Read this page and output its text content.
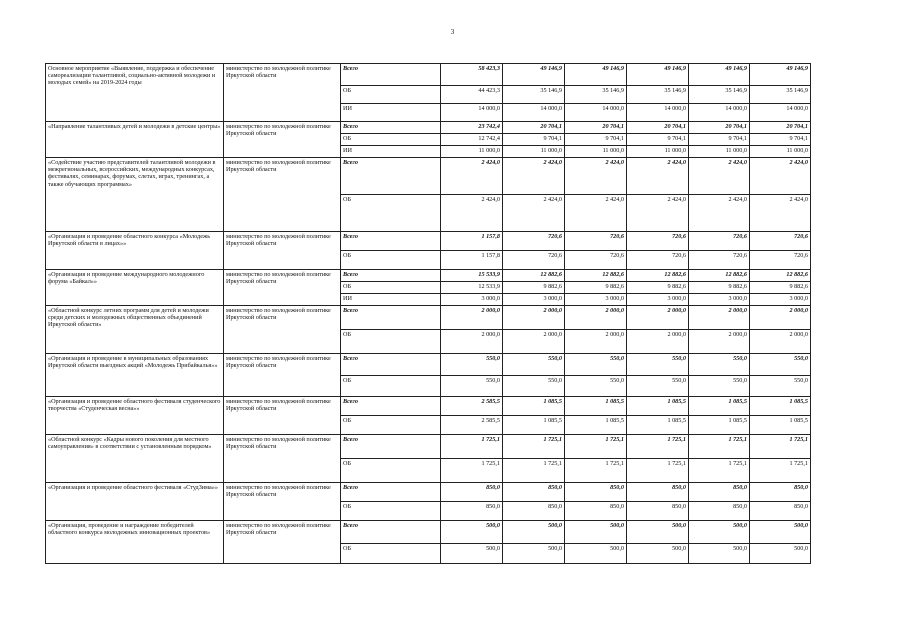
3
Основное мероприятие «Выявление, поддержка и обеспечение самореализации талантливой, социально-активной молодежи и молодых семей» на 2019-2024 годы	министерство по молодежной политике Иркутской области	Всего	58 423,3	49 146,9	49 146,9	49 146,9	49 146,9	49 146,9
		ОБ	44 423,3	35 146,9	35 146,9	35 146,9	35 146,9	35 146,9
		ИИ	14 000,0	14 000,0	14 000,0	14 000,0	14 000,0	14 000,0
«Направление талантливых детей и молодежи в детские центры»	министерство по молодежной политике Иркутской области	Всего	23 742,4	20 704,1	20 704,1	20 704,1	20 704,1	20 704,1
		ОБ	12 742,4	9 704,1	9 704,1	9 704,1	9 704,1	9 704,1
		ИИ	11 000,0	11 000,0	11 000,0	11 000,0	11 000,0	11 000,0
«Содействие участию представителей талантливой молодежи в межрегиональных, всероссийских, международных конкурсах, фестивалях, семинарах, форумах, слетах, играх, тренингах, а также обучающих программах»	министерство по молодежной политике Иркутской области	Всего	2 424,0	2 424,0	2 424,0	2 424,0	2 424,0	2 424,0
		ОБ	2 424,0	2 424,0	2 424,0	2 424,0	2 424,0	2 424,0
«Организация и проведение областного конкурса «Молодежь Иркутской области в лицах»»	министерство по молодежной политике Иркутской области	Всего	1 157,8	720,6	720,6	720,6	720,6	720,6
		ОБ	1 157,8	720,6	720,6	720,6	720,6	720,6
«Организация и проведение международного молодежного форума «Байкал»»	министерство по молодежной политике Иркутской области	Всего	15 533,9	12 882,6	12 882,6	12 882,6	12 882,6	12 882,6
		ОБ	12 533,9	9 882,6	9 882,6	9 882,6	9 882,6	9 882,6
		ИИ	3 000,0	3 000,0	3 000,0	3 000,0	3 000,0	3 000,0
«Областной конкурс летних программ для детей и молодежи среди детских и молодежных общественных объединений Иркутской области»	министерство по молодежной политике Иркутской области	Всего	2 000,0	2 000,0	2 000,0	2 000,0	2 000,0	2 000,0
		ОБ	2 000,0	2 000,0	2 000,0	2 000,0	2 000,0	2 000,0
«Организация и проведение в муниципальных образованиях Иркутской области выездных акций «Молодежь Прибайкалья»»	министерство по молодежной политике Иркутской области	Всего	550,0	550,0	550,0	550,0	550,0	550,0
		ОБ	550,0	550,0	550,0	550,0	550,0	550,0
«Организация и проведение областного фестиваля студенческого творчества «Студенческая весна»»	министерство по молодежной политике Иркутской области	Всего	2 585,5	1 085,5	1 085,5	1 085,5	1 085,5	1 085,5
		ОБ	2 585,5	1 085,5	1 085,5	1 085,5	1 085,5	1 085,5
«Областной конкурс «Кадры нового поколения для местного самоуправления» в соответствии с установленным порядком»	министерство по молодежной политике Иркутской области	Всего	1 725,1	1 725,1	1 725,1	1 725,1	1 725,1	1 725,1
		ОБ	1 725,1	1 725,1	1 725,1	1 725,1	1 725,1	1 725,1
«Организация и проведение областного фестиваля «СтудЗима»»	министерство по молодежной политике Иркутской области	Всего	850,0	850,0	850,0	850,0	850,0	850,0
		ОБ	850,0	850,0	850,0	850,0	850,0	850,0
«Организация, проведение и награждение победителей областного конкурса молодежных инновационных проектов»	министерство по молодежной политике Иркутской области	Всего	500,0	500,0	500,0	500,0	500,0	500,0
		ОБ	500,0	500,0	500,0	500,0	500,0	500,0
